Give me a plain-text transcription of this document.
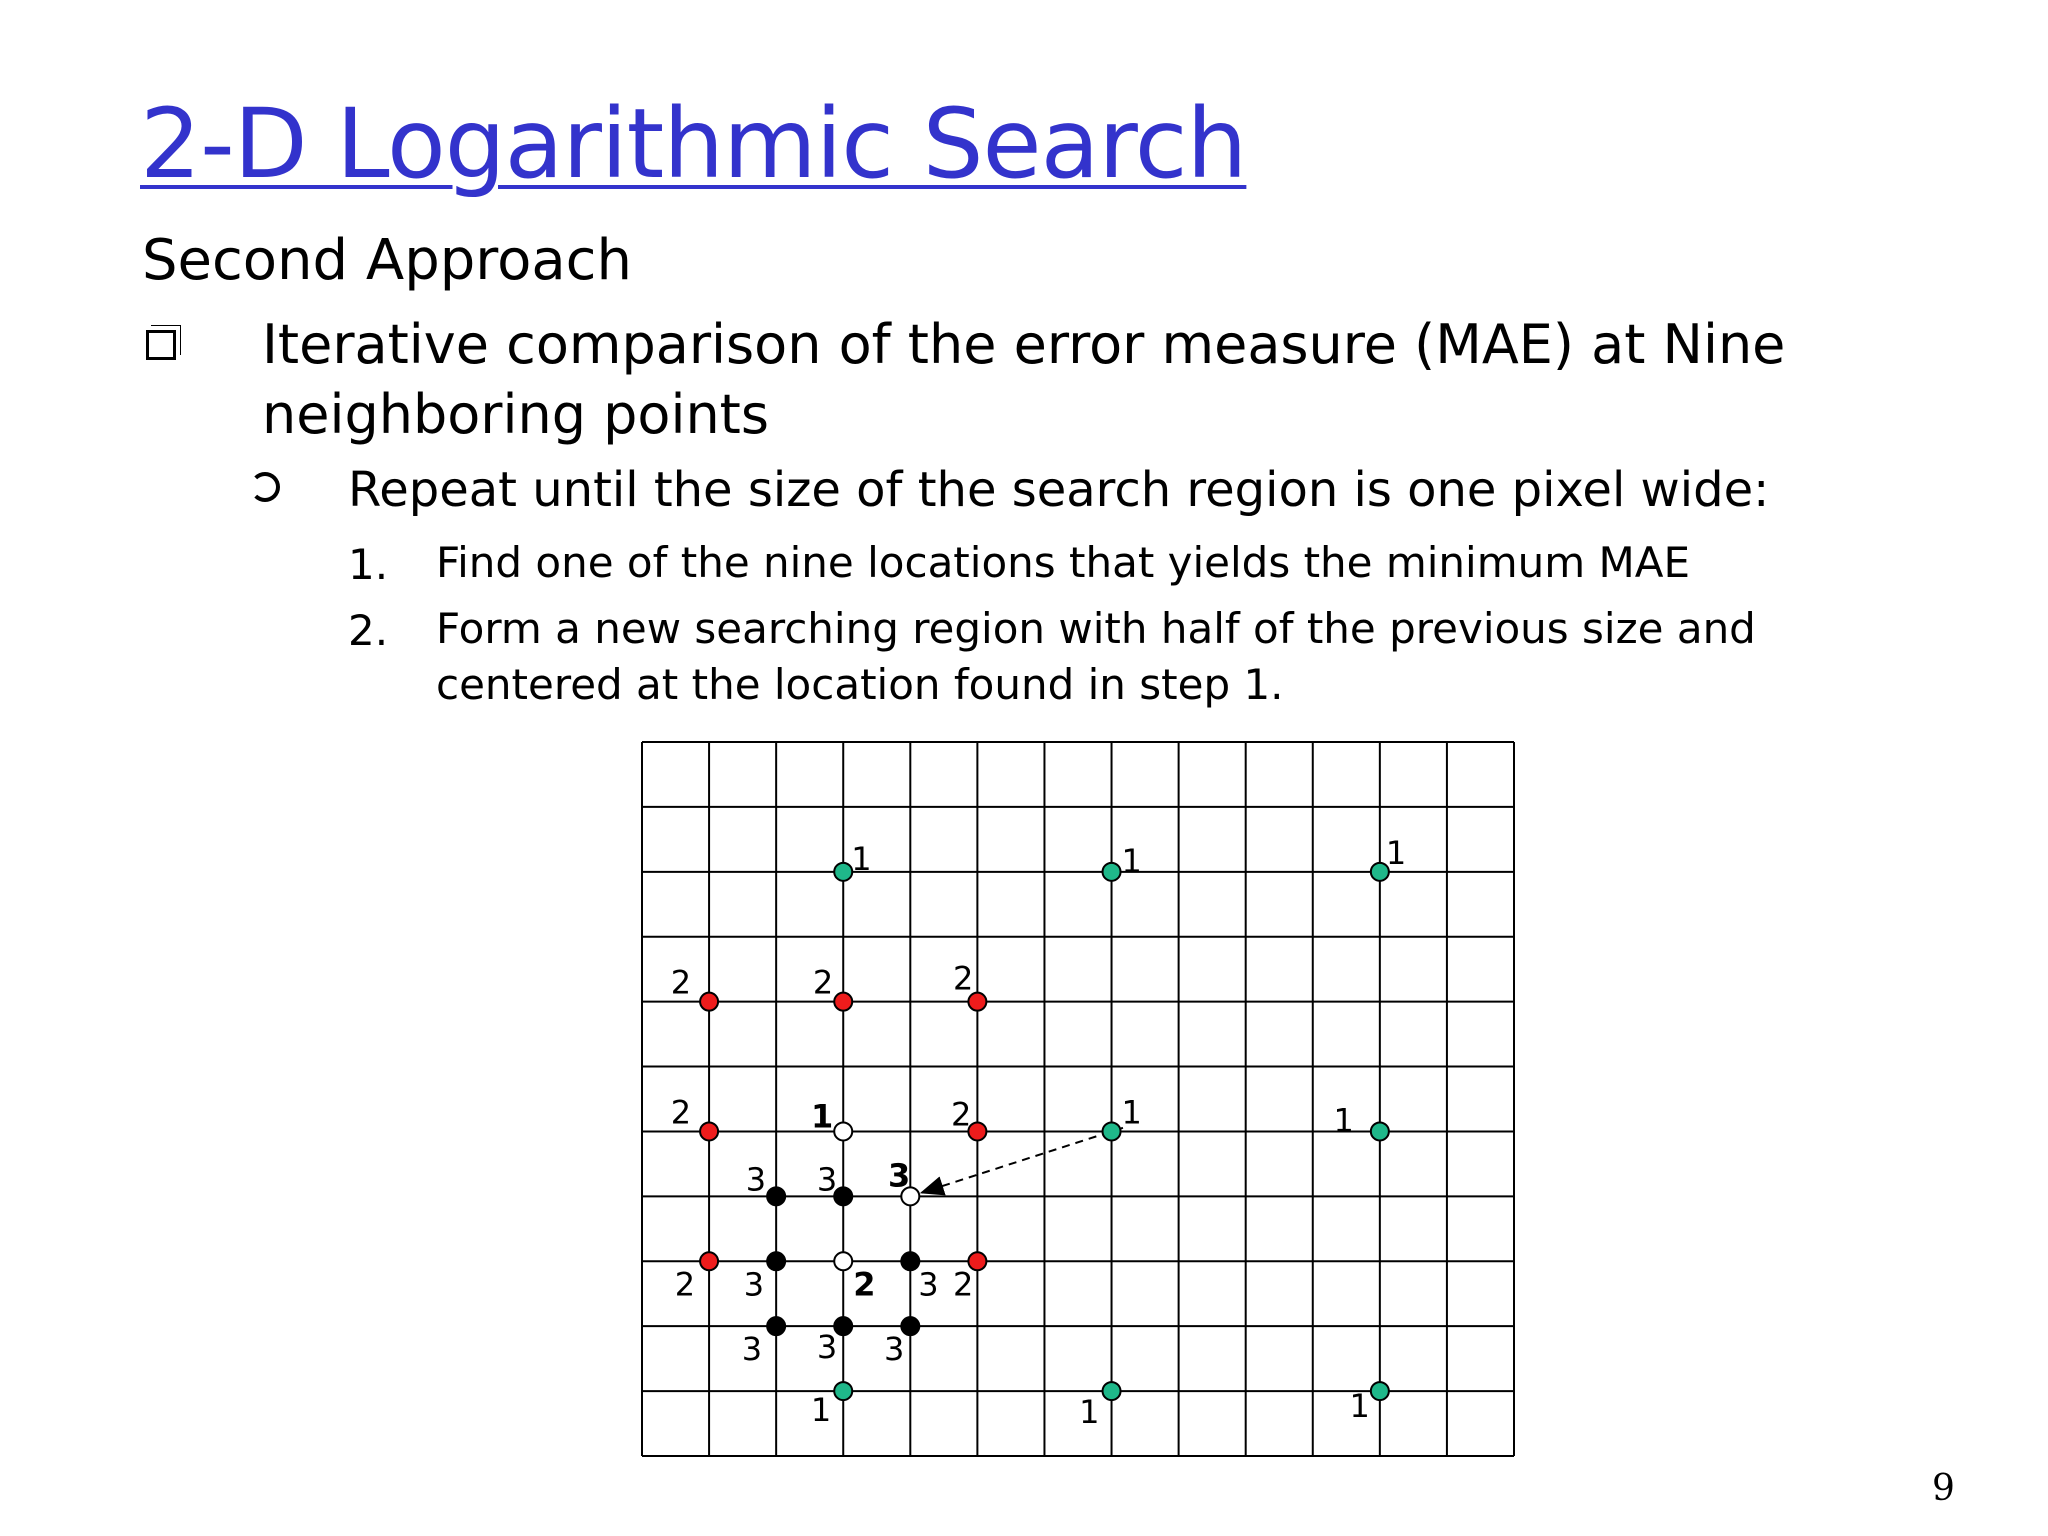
2-D Logarithmic Search
Second Approach
Iterative comparison of the error measure (MAE) at Nine neighboring points
Repeat until the size of the search region is one pixel wide:
1. Find one of the nine locations that yields the minimum MAE
2. Form a new searching region with half of the previous size and centered at the location found in step 1.
1	1	1
1	1
1	1	1
1
2	2	2
2	2
2	2
2
3 3 3
3	3
3 3 3
9
